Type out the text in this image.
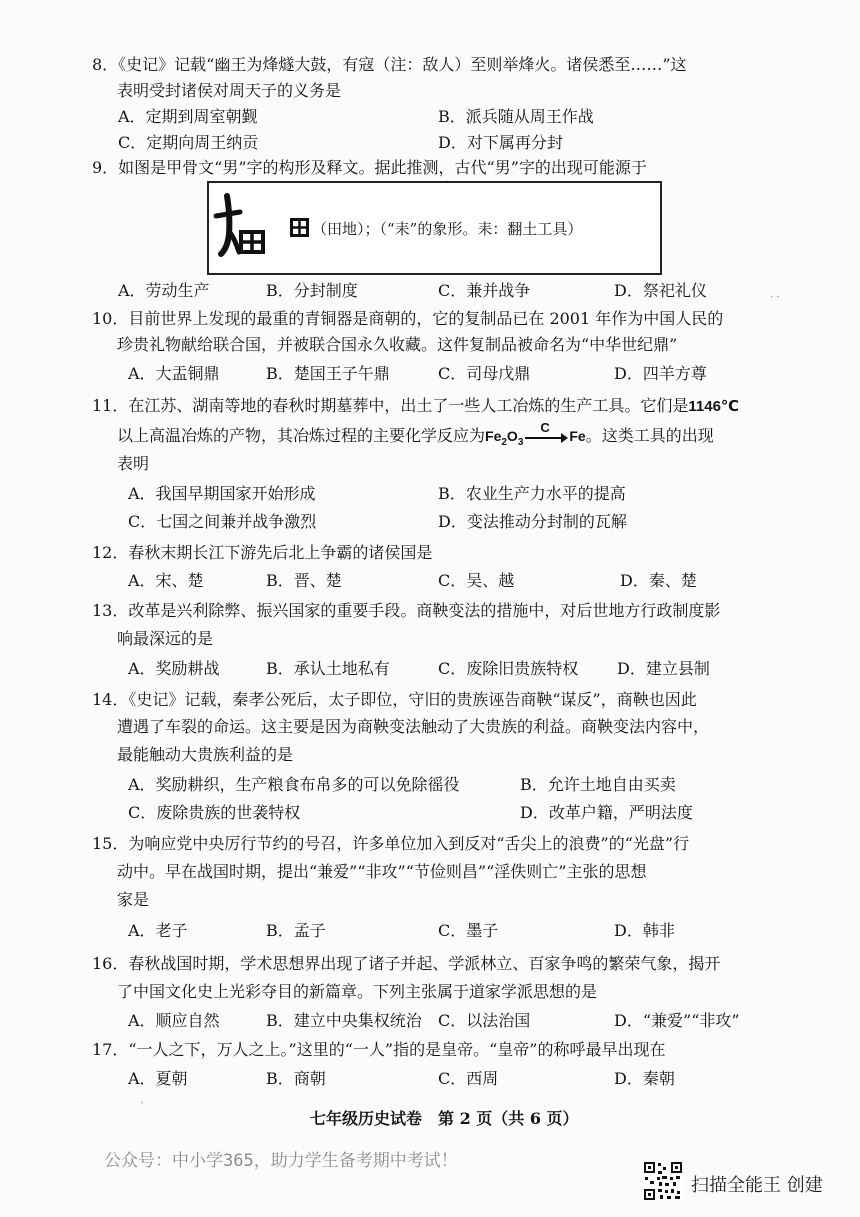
8．《史记》记载“幽王为烽燧大鼓，有寇（注：敌人）至则举烽火。诸侯悉至……”这
表明受封诸侯对周天子的义务是
A．定期到周室朝觐	B．派兵随从周王作战
C．定期向周王纳贡	D．对下属再分封
9．如图是甲骨文“男”字的构形及释文。据此推测，古代“男”字的出现可能源于
（田地）；（“耒”的象形。耒：翻土工具）
A．劳动生产	B．分封制度	C．兼并战争	D．祭祀礼仪
10．目前世界上发现的最重的青铜器是商朝的，它的复制品已在 2001 年作为中国人民的
珍贵礼物献给联合国，并被联合国永久收藏。这件复制品被命名为“中华世纪鼎”
A．大盂铜鼎	B．楚国王子午鼎	C．司母戊鼎	D．四羊方尊
11．在江苏、湖南等地的春秋时期墓葬中，出土了一些人工冶炼的生产工具。它们是1146℃
以上高温冶炼的产物，其冶炼过程的主要化学反应为$Fe_2O_3$
C
Fe。这类工具的出现
表明
A．我国早期国家开始形成	B．农业生产力水平的提高
C．七国之间兼并战争激烈	D．变法推动分封制的瓦解
12．春秋末期长江下游先后北上争霸的诸侯国是
A．宋、楚	B．晋、楚	C．吴、越	D．秦、楚
13．改革是兴利除弊、振兴国家的重要手段。商鞅变法的措施中，对后世地方行政制度影
响最深远的是
A．奖励耕战	B．承认土地私有	C．废除旧贵族特权 D．建立县制
14．《史记》记载，秦孝公死后，太子即位，守旧的贵族诬告商鞅“谋反”，商鞅也因此
遭遇了车裂的命运。这主要是因为商鞅变法触动了大贵族的利益。商鞅变法内容中，
最能触动大贵族利益的是
A．奖励耕织，生产粮食布帛多的可以免除徭役	B．允许土地自由买卖
C．废除贵族的世袭特权	D．改革户籍，严明法度
15．为响应党中央厉行节约的号召，许多单位加入到反对“舌尖上的浪费”的“光盘”行
动中。早在战国时期，提出“兼爱”“非攻”“节俭则昌”“淫佚则亡”主张的思想
家是
A．老子	B．孟子	C．墨子	D．韩非
16．春秋战国时期，学术思想界出现了诸子并起、学派林立、百家争鸣的繁荣气象，揭开
了中国文化史上光彩夺目的新篇章。下列主张属于道家学派思想的是
A．顺应自然	B．建立中央集权统治 C．以法治国	D．“兼爱”“非攻”
17．“一人之下，万人之上。”这里的“一人”指的是皇帝。“皇帝”的称呼最早出现在
A．夏朝	B．商朝	C．西周	D．秦朝
· ·
ˋ
七年级历史试卷　第 2 页（共 6 页）
公众号：中小学365，助力学生备考期中考试！
扫描全能王 创建
